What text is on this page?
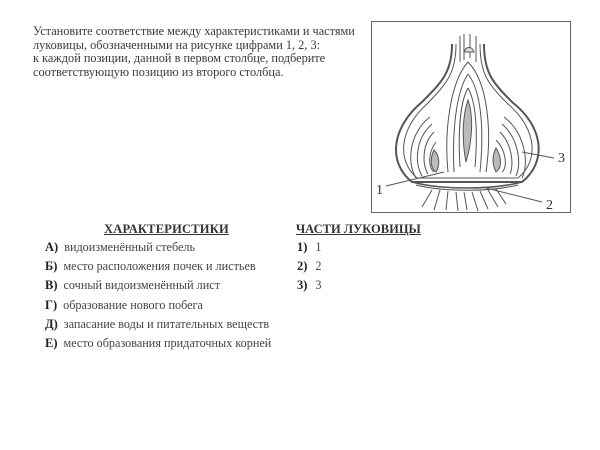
Установите соответствие между характеристиками и частями
луковицы, обозначенными на рисунке цифрами 1, 2, 3:
к каждой позиции, данной в первом столбце, подберите
соответствующую позицию из второго столбца.
1
2
3
ХАРАКТЕРИСТИКИ	ЧАСТИ ЛУКОВИЦЫ
А) видоизменённый стебель
Б) место расположения почек и листьев
В) сочный видоизменённый лист
Г) образование нового побега
Д) запасание воды и питательных веществ
Е) место образования придаточных корней
1) 1
2) 2
3) 3
